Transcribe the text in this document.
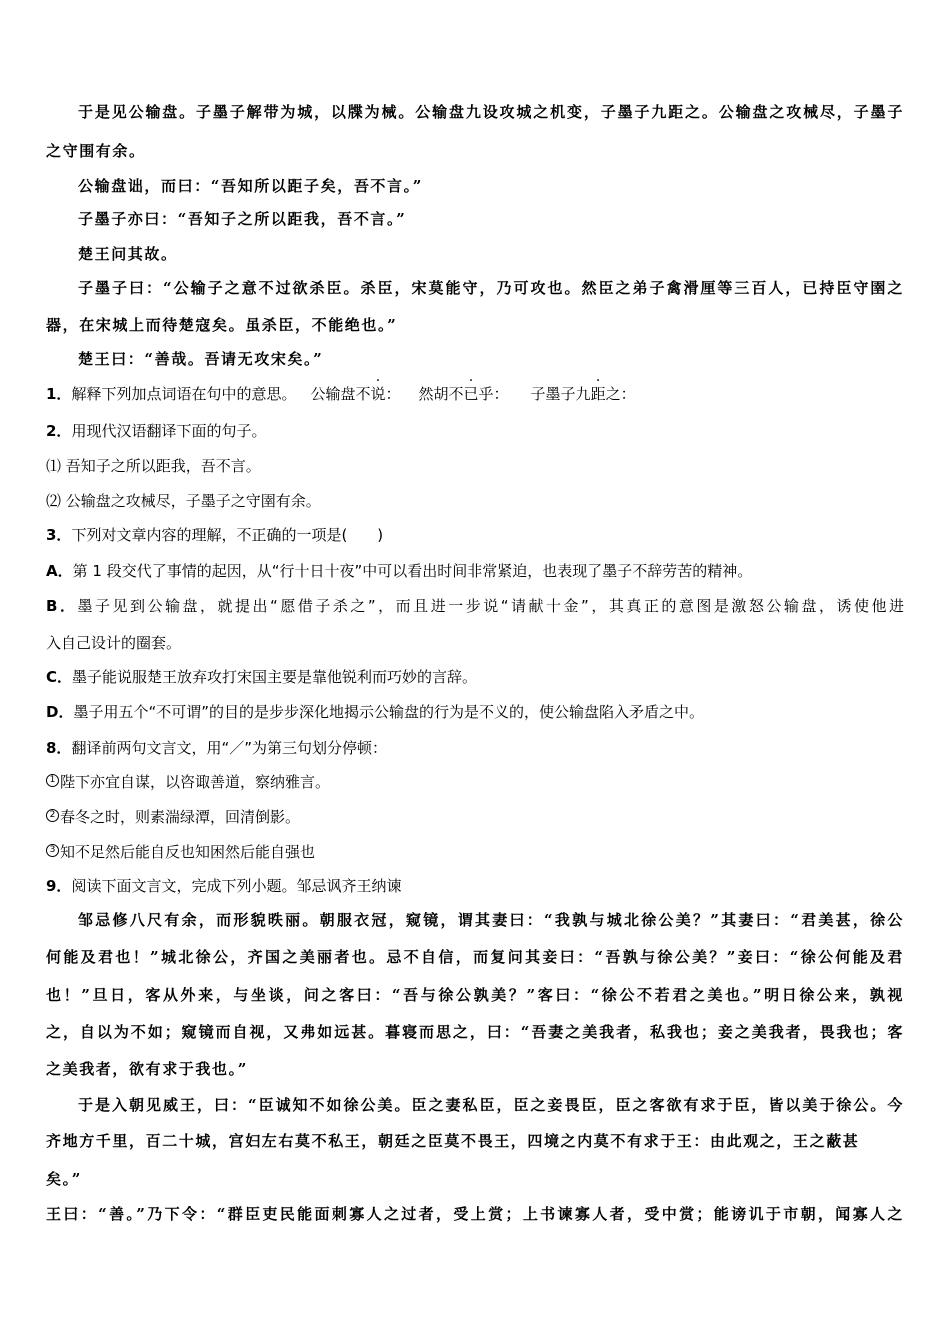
于是见公输盘。子墨子解带为城，以牒为械。公输盘九设攻城之机变，子墨子九距之。公输盘之攻械尽，子墨子
之守围有余。
公输盘诎，而曰：“吾知所以距子矣，吾不言。”
子墨子亦曰：“吾知子之所以距我，吾不言。”
楚王问其故。
子墨子曰：“公输子之意不过欲杀臣。杀臣，宋莫能守，乃可攻也。然臣之弟子禽滑厘等三百人，已持臣守圉之
器，在宋城上而待楚寇矣。虽杀臣，不能绝也。”
楚王曰：“善哉。吾请无攻宋矣。”
1．解释下列加点词语在句中的意思。 公输盘不说： 然胡不已乎： 子墨子九距之：
2．用现代汉语翻译下面的句子。
⑴ 吾知子之所以距我，吾不言。
⑵ 公输盘之攻械尽，子墨子之守圉有余。
3．下列对文章内容的理解，不正确的一项是(　　)
A．第 1 段交代了事情的起因，从“行十日十夜”中可以看出时间非常紧迫，也表现了墨子不辞劳苦的精神。
B．墨子见到公输盘，就提出“愿借子杀之”，而且进一步说“请献十金”，其真正的意图是激怒公输盘，诱使他进
入自己设计的圈套。
C．墨子能说服楚王放弃攻打宋国主要是靠他锐利而巧妙的言辞。
D．墨子用五个“不可谓”的目的是步步深化地揭示公输盘的行为是不义的，使公输盘陷入矛盾之中。
8．翻译前两句文言文，用“／”为第三句划分停顿：
1 陛下亦宜自谋，以咨诹善道，察纳雅言。
2 春冬之时，则素湍绿潭，回清倒影。
3 知不足然后能自反也知困然后能自强也
9．阅读下面文言文，完成下列小题。邹忌讽齐王纳谏
邹忌修八尺有余，而形貌昳丽。朝服衣冠，窥镜，谓其妻曰：“我孰与城北徐公美？”其妻曰：“君美甚，徐公
何能及君也！”城北徐公，齐国之美丽者也。忌不自信，而复问其妾曰：“吾孰与徐公美？”妾曰：“徐公何能及君
也！”旦日，客从外来，与坐谈，问之客曰：“吾与徐公孰美？”客曰：“徐公不若君之美也。”明日徐公来，孰视
之，自以为不如；窥镜而自视，又弗如远甚。暮寝而思之，曰：“吾妻之美我者，私我也；妾之美我者，畏我也；客
之美我者，欲有求于我也。”
于是入朝见威王，曰：“臣诚知不如徐公美。臣之妻私臣，臣之妾畏臣，臣之客欲有求于臣，皆以美于徐公。今
齐地方千里，百二十城，宫妇左右莫不私王，朝廷之臣莫不畏王，四境之内莫不有求于王：由此观之，王之蔽甚
矣。”
王曰：“善。”乃下令：“群臣吏民能面刺寡人之过者，受上赏；上书谏寡人者，受中赏；能谤讥于市朝，闻寡人之
